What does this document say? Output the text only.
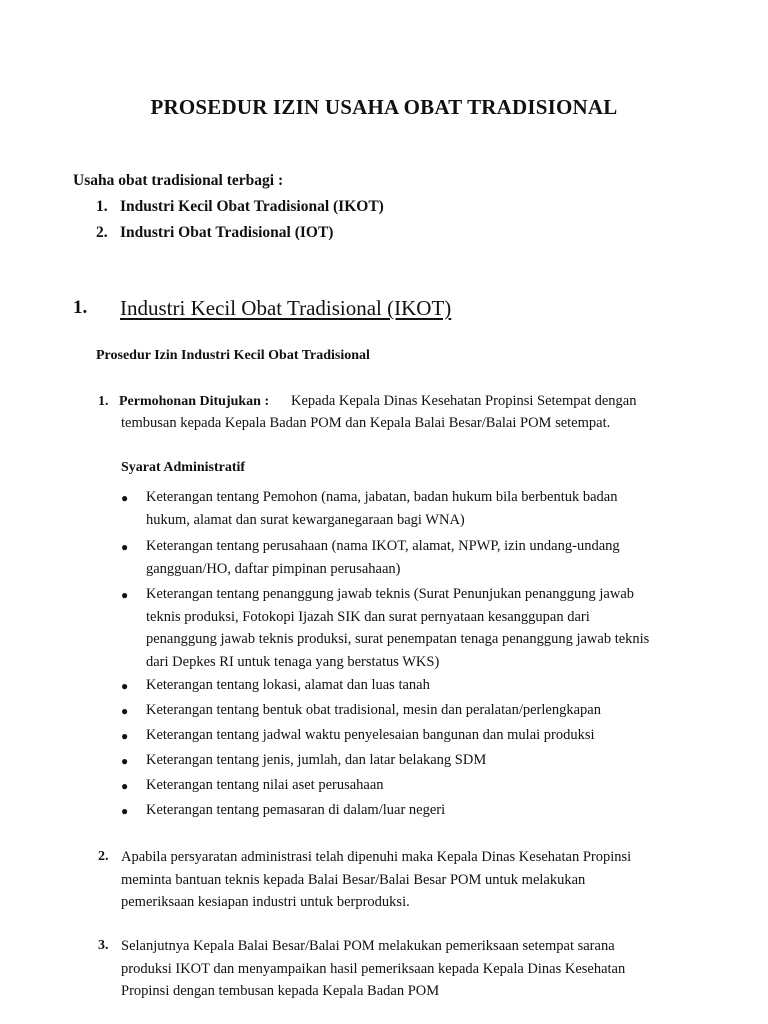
PROSEDUR IZIN USAHA OBAT TRADISIONAL
Usaha obat tradisional terbagi :
1. Industri Kecil Obat Tradisional (IKOT)
2. Industri Obat Tradisional (IOT)
1. Industri Kecil Obat Tradisional (IKOT)
Prosedur Izin Industri Kecil Obat Tradisional
1. Permohonan Ditujukan : Kepada Kepala Dinas Kesehatan Propinsi Setempat dengan
tembusan kepada Kepala Badan POM dan Kepala Balai Besar/Balai POM setempat.
Syarat Administratif
● Keterangan tentang Pemohon (nama, jabatan, badan hukum bila berbentuk badan
hukum, alamat dan surat kewarganegaraan bagi WNA)
● Keterangan tentang perusahaan (nama IKOT, alamat, NPWP, izin undang-undang
gangguan/HO, daftar pimpinan perusahaan)
● Keterangan tentang penanggung jawab teknis (Surat Penunjukan penanggung jawab
teknis produksi, Fotokopi Ijazah SIK dan surat pernyataan kesanggupan dari
penanggung jawab teknis produksi, surat penempatan tenaga penanggung jawab teknis
dari Depkes RI untuk tenaga yang berstatus WKS)
● Keterangan tentang lokasi, alamat dan luas tanah
● Keterangan tentang bentuk obat tradisional, mesin dan peralatan/perlengkapan
● Keterangan tentang jadwal waktu penyelesaian bangunan dan mulai produksi
● Keterangan tentang jenis, jumlah, dan latar belakang SDM
● Keterangan tentang nilai aset perusahaan
● Keterangan tentang pemasaran di dalam/luar negeri
2. Apabila persyaratan administrasi telah dipenuhi maka Kepala Dinas Kesehatan Propinsi
meminta bantuan teknis kepada Balai Besar/Balai Besar POM untuk melakukan
pemeriksaan kesiapan industri untuk berproduksi.
3. Selanjutnya Kepala Balai Besar/Balai POM melakukan pemeriksaan setempat sarana
produksi IKOT dan menyampaikan hasil pemeriksaan kepada Kepala Dinas Kesehatan
Propinsi dengan tembusan kepada Kepala Badan POM
